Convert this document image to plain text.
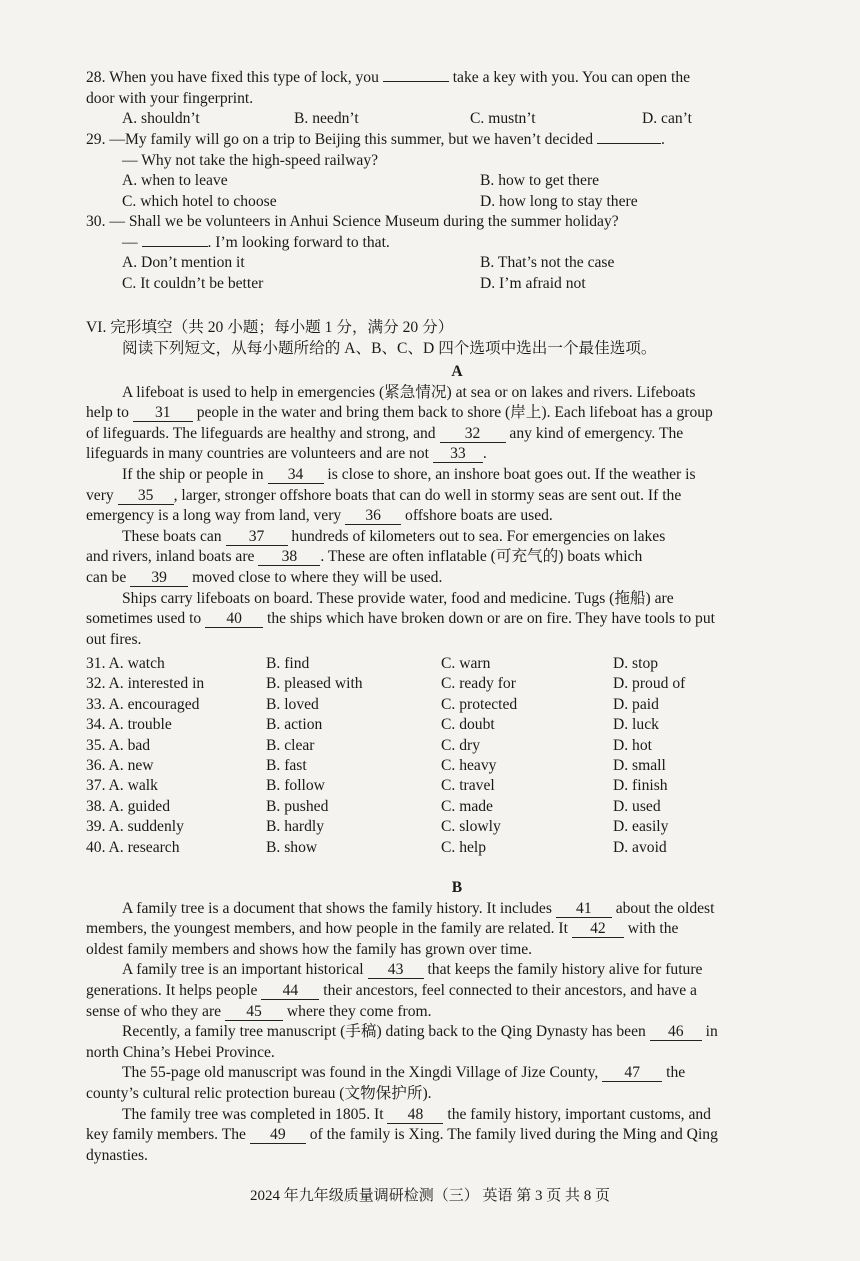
28. When you have fixed this type of lock, you	take a key with you. You can open the
door with your fingerprint.
A. shouldn’t	B. needn’t	C. mustn’t	D. can’t
29. —My family will go on a trip to Beijing this summer, but we haven’t decided	.
— Why not take the high-speed railway?
A. when to leave	B. how to get there
C. which hotel to choose	D. how long to stay there
30. — Shall we be volunteers in Anhui Science Museum during the summer holiday?
—	. I’m looking forward to that.
A. Don’t mention it	B. That’s not the case
C. It couldn’t be better	D. I’m afraid not
VI. 完形填空（共 20 小题；每小题 1 分，满分 20 分）
阅读下列短文，从每小题所给的 A、B、C、D 四个选项中选出一个最佳选项。
A
A lifeboat is used to help in emergencies (紧急情况) at sea or on lakes and rivers. Lifeboats
help to 31 people in the water and bring them back to shore (岸上). Each lifeboat has a group
of lifeguards. The lifeguards are healthy and strong, and 32 any kind of emergency. The
lifeguards in many countries are volunteers and are not 33 .
If the ship or people in 34 is close to shore, an inshore boat goes out. If the weather is
very 35 , larger, stronger offshore boats that can do well in stormy seas are sent out. If the
emergency is a long way from land, very 36 offshore boats are used.
These boats can 37 hundreds of kilometers out to sea. For emergencies on lakes
and rivers, inland boats are 38 . These are often inflatable (可充气的) boats which
can be 39 moved close to where they will be used.
Ships carry lifeboats on board. These provide water, food and medicine. Tugs (拖船) are
sometimes used to 40 the ships which have broken down or are on fire. They have tools to put
out fires.
31. A. watch	B. find	C. warn	D. stop
32. A. interested in	B. pleased with	C. ready for	D. proud of
33. A. encouraged	B. loved	C. protected	D. paid
34. A. trouble	B. action	C. doubt	D. luck
35. A. bad	B. clear	C. dry	D. hot
36. A. new	B. fast	C. heavy	D. small
37. A. walk	B. follow	C. travel	D. finish
38. A. guided	B. pushed	C. made	D. used
39. A. suddenly	B. hardly	C. slowly	D. easily
40. A. research	B. show	C. help	D. avoid
B
A family tree is a document that shows the family history. It includes 41 about the oldest
members, the youngest members, and how people in the family are related. It 42 with the
oldest family members and shows how the family has grown over time.
A family tree is an important historical 43 that keeps the family history alive for future
generations. It helps people 44 their ancestors, feel connected to their ancestors, and have a
sense of who they are 45 where they come from.
Recently, a family tree manuscript (手稿) dating back to the Qing Dynasty has been 46 in
north China’s Hebei Province.
The 55-page old manuscript was found in the Xingdi Village of Jize County, 47 the
county’s cultural relic protection bureau (文物保护所).
The family tree was completed in 1805. It 48 the family history, important customs, and
key family members. The 49 of the family is Xing. The family lived during the Ming and Qing
dynasties.
2024 年九年级质量调研检测（三） 英语 第 3 页 共 8 页
